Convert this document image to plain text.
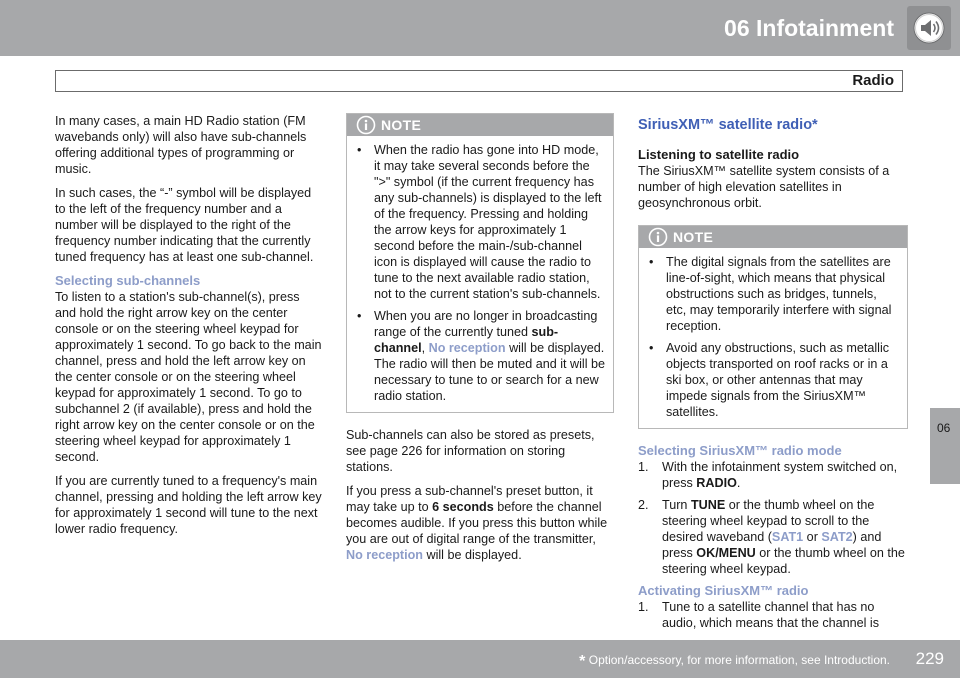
06 Infotainment
Radio
06

In many cases, a main HD Radio station (FM wavebands only) will also have sub-channels offering additional types of programming or music.

In such cases, the “-” symbol will be displayed to the left of the frequency number and a number will be displayed to the right of the frequency number indicating that the currently tuned frequency has at least one sub-channel.

Selecting sub-channels

To listen to a station's sub-channel(s), press and hold the right arrow key on the center console or on the steering wheel keypad for approximately 1 second. To go back to the main channel, press and hold the left arrow key on the center console or on the steering wheel keypad for approximately 1 second. To go to subchannel 2 (if available), press and hold the right arrow key on the center console or on the steering wheel keypad for approximately 1 second.

If you are currently tuned to a frequency's main channel, pressing and holding the left arrow key for approximately 1 second will tune to the next lower radio frequency.

NOTE
• When the radio has gone into HD mode, it may take several seconds before the ">" symbol (if the current frequency has any sub-channels) is displayed to the left of the frequency. Pressing and holding the arrow keys for approximately 1 second before the main-/sub-channel icon is displayed will cause the radio to tune to the next available radio station, not to the current station's sub-channels.
• When you are no longer in broadcasting range of the currently tuned sub-channel, No reception will be displayed. The radio will then be muted and it will be necessary to tune to or search for a new radio station.

Sub-channels can also be stored as presets, see page 226 for information on storing stations.

If you press a sub-channel's preset button, it may take up to 6 seconds before the channel becomes audible. If you press this button while you are out of digital range of the transmitter, No reception will be displayed.

SiriusXM™ satellite radio*
Listening to satellite radio

The SiriusXM™ satellite system consists of a number of high elevation satellites in geosynchronous orbit.

NOTE
• The digital signals from the satellites are line-of-sight, which means that physical obstructions such as bridges, tunnels, etc, may temporarily interfere with signal reception.
• Avoid any obstructions, such as metallic objects transported on roof racks or in a ski box, or other antennas that may impede signals from the SiriusXM™ satellites.
Selecting SiriusXM™ radio mode
1. With the infotainment system switched on, press RADIO.
2. Turn TUNE or the thumb wheel on the steering wheel keypad to scroll to the desired waveband (SAT1 or SAT2) and press OK/MENU or the thumb wheel on the steering wheel keypad.
Activating SiriusXM™ radio
1. Tune to a satellite channel that has no audio, which means that the channel is
* Option/accessory, for more information, see Introduction. 229
